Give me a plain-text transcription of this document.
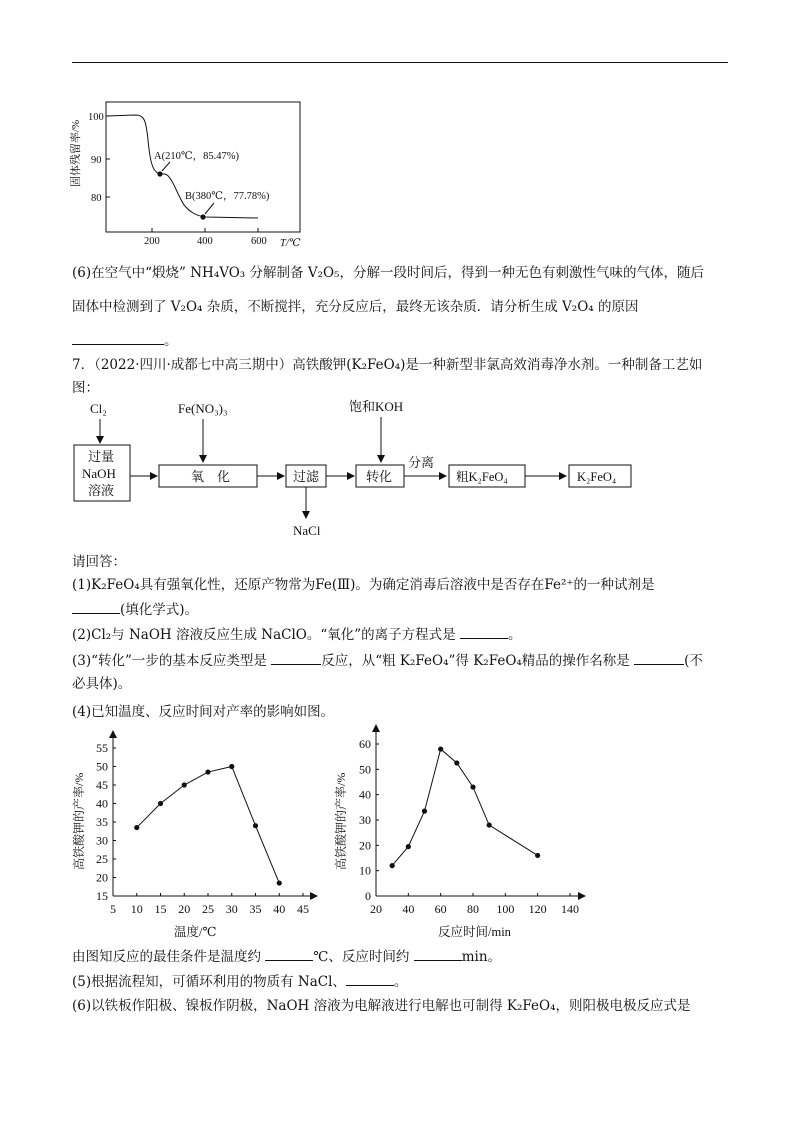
固体残留率/%
100
90
80
200	400	600 T/℃
A(210℃，85.47%)
B(380℃，77.78%)
(6)在空气中“煅烧” NH₄VO₃ 分解制备 V₂O₅，分解一段时间后，得到一种无色有刺激性气味的气体，随后
固体中检测到了 V₂O₄ 杂质，不断搅拌，充分反应后，最终无该杂质．请分析生成 V₂O₄ 的原因
。
7．（2022·四川·成都七中高三期中）高铁酸钾(K₂FeO₄)是一种新型非氯高效消毒净水剂。一种制备工艺如
图：
Cl₂	Fe(NO₃)₃	饱和KOH
过量
NaOH
溶液
氧　化	过滤
NaCl
转化
分离
粗K₂FeO₄	K₂FeO₄
请回答：
(1)K₂FeO₄具有强氧化性，还原产物常为Fe(Ⅲ)。为确定消毒后溶液中是否存在Fe²⁺的一种试剂是
(填化学式)。
(2)Cl₂与 NaOH 溶液反应生成 NaClO。“氧化”的离子方程式是	。
(3)“转化”一步的基本反应类型是	反应，从“粗 K₂FeO₄”得 K₂FeO₄精品的操作名称是	(不
必具体)。
(4)已知温度、反应时间对产率的影响如图。
5 10 15 20 25 30 35 40 45
15
20
25
30
35
40
45
50
55
高铁酸钾的产率/%
温度/℃
20 40 60 80 100 120 140
0
10
20
30
40
50
60
高铁酸钾的产率/%
反应时间/min
由图知反应的最佳条件是温度约	℃、反应时间约	min。
(5)根据流程知，可循环利用的物质有 NaCl、	。
(6)以铁板作阳极、镍板作阴极，NaOH 溶液为电解液进行电解也可制得 K₂FeO₄，则阳极电极反应式是
